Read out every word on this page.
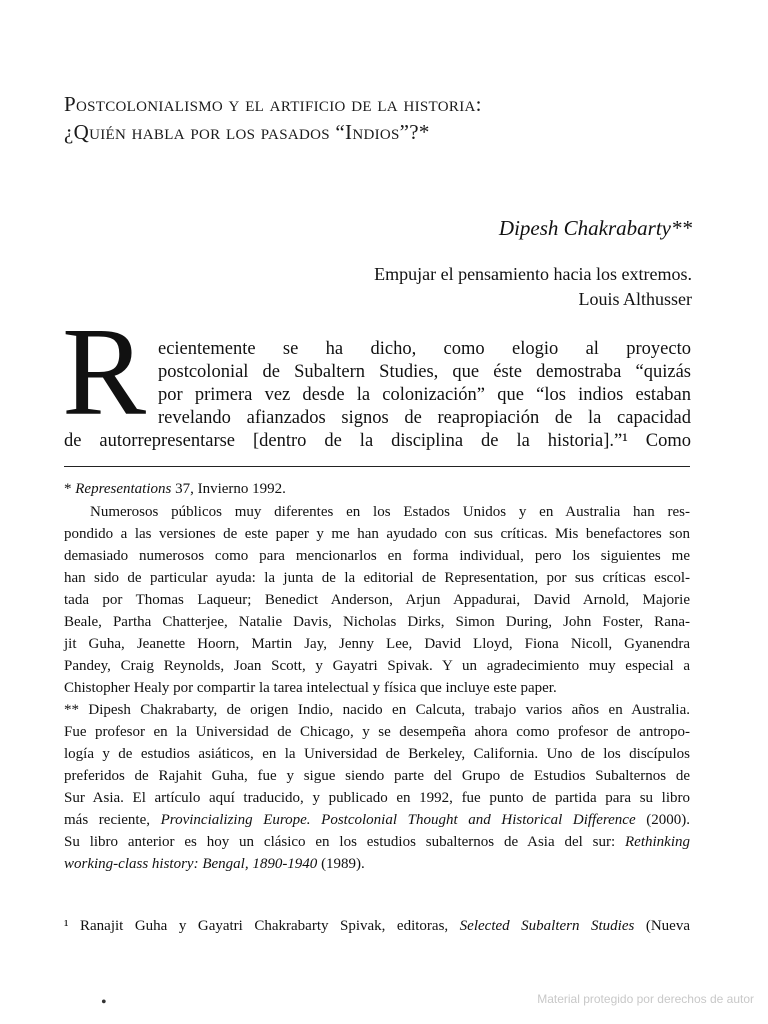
Postcolonialismo y el artificio de la historia:
¿Quién habla por los pasados “Indios”?*
Dipesh Chakrabarty**
Empujar el pensamiento hacia los extremos.
Louis Althusser
R ecientemente se ha dicho, como elogio al proyecto
postcolonial de Subaltern Studies, que éste demostraba “quizás
por primera vez desde la colonización” que “los indios estaban
revelando afianzados signos de reapropiación de la capacidad
de autorrepresentarse [dentro de la disciplina de la historia].”¹ Como
* Representations 37, Invierno 1992.
Numerosos públicos muy diferentes en los Estados Unidos y en Australia han res-
pondido a las versiones de este paper y me han ayudado con sus críticas. Mis benefactores son
demasiado numerosos como para mencionarlos en forma individual, pero los siguientes me
han sido de particular ayuda: la junta de la editorial de Representation, por sus críticas escol-
tada por Thomas Laqueur; Benedict Anderson, Arjun Appadurai, David Arnold, Majorie
Beale, Partha Chatterjee, Natalie Davis, Nicholas Dirks, Simon During, John Foster, Rana-
jit Guha, Jeanette Hoorn, Martin Jay, Jenny Lee, David Lloyd, Fiona Nicoll, Gyanendra
Pandey, Craig Reynolds, Joan Scott, y Gayatri Spivak. Y un agradecimiento muy especial a
Chistopher Healy por compartir la tarea intelectual y física que incluye este paper.
** Dipesh Chakrabarty, de origen Indio, nacido en Calcuta, trabajo varios años en Australia.
Fue profesor en la Universidad de Chicago, y se desempeña ahora como profesor de antropo-
logía y de estudios asiáticos, en la Universidad de Berkeley, California. Uno de los discípulos
preferidos de Rajahit Guha, fue y sigue siendo parte del Grupo de Estudios Subalternos de
Sur Asia. El artículo aquí traducido, y publicado en 1992, fue punto de partida para su libro
más reciente, Provincializing Europe. Postcolonial Thought and Historical Difference (2000).
Su libro anterior es hoy un clásico en los estudios subalternos de Asia del sur: Rethinking
working-class history: Bengal, 1890-1940 (1989).
¹ Ranajit Guha y Gayatri Chakrabarty Spivak, editoras, Selected Subaltern Studies (Nueva
•	Material protegido por derechos de autor
